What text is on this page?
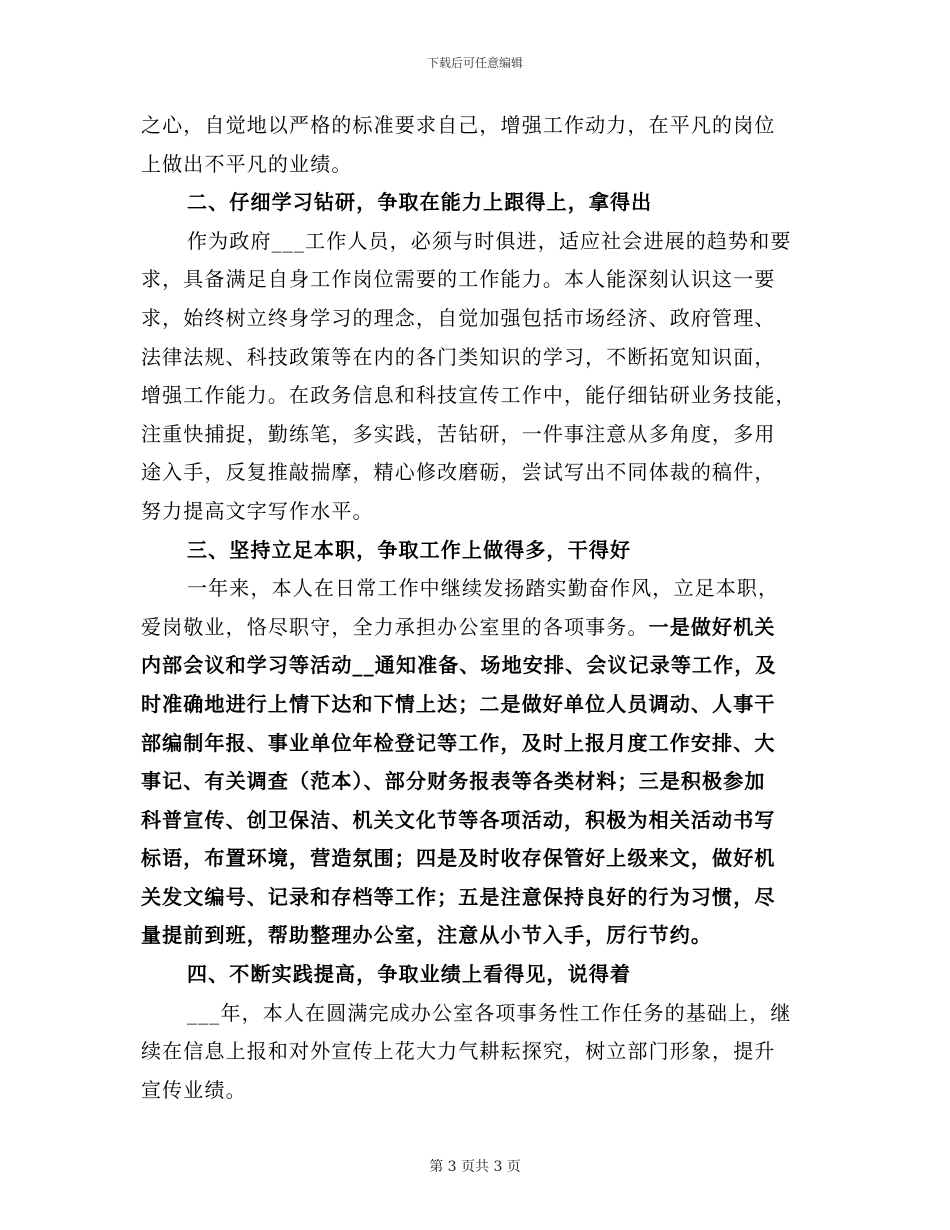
下载后可任意编辑
之心，自觉地以严格的标准要求自己，增强工作动力，在平凡的岗位
上做出不平凡的业绩。
二、仔细学习钻研，争取在能力上跟得上，拿得出
作为政府___工作人员，必须与时俱进，适应社会进展的趋势和要
求，具备满足自身工作岗位需要的工作能力。本人能深刻认识这一要
求，始终树立终身学习的理念，自觉加强包括市场经济、政府管理、
法律法规、科技政策等在内的各门类知识的学习，不断拓宽知识面，
增强工作能力。在政务信息和科技宣传工作中，能仔细钻研业务技能，
注重快捕捉，勤练笔，多实践，苦钻研，一件事注意从多角度，多用
途入手，反复推敲揣摩，精心修改磨砺，尝试写出不同体裁的稿件，
努力提高文字写作水平。
三、坚持立足本职，争取工作上做得多，干得好
一年来，本人在日常工作中继续发扬踏实勤奋作风，立足本职，
爱岗敬业，恪尽职守，全力承担办公室里的各项事务。一是做好机关
内部会议和学习等活动__通知准备、场地安排、会议记录等工作，及
时准确地进行上情下达和下情上达；二是做好单位人员调动、人事干
部编制年报、事业单位年检登记等工作，及时上报月度工作安排、大
事记、有关调查（范本）、部分财务报表等各类材料；三是积极参加
科普宣传、创卫保洁、机关文化节等各项活动，积极为相关活动书写
标语，布置环境，营造氛围；四是及时收存保管好上级来文，做好机
关发文编号、记录和存档等工作；五是注意保持良好的行为习惯，尽
量提前到班，帮助整理办公室，注意从小节入手，厉行节约。
四、不断实践提高，争取业绩上看得见，说得着
___年，本人在圆满完成办公室各项事务性工作任务的基础上，继
续在信息上报和对外宣传上花大力气耕耘探究，树立部门形象，提升
宣传业绩。
第 3 页共 3 页
